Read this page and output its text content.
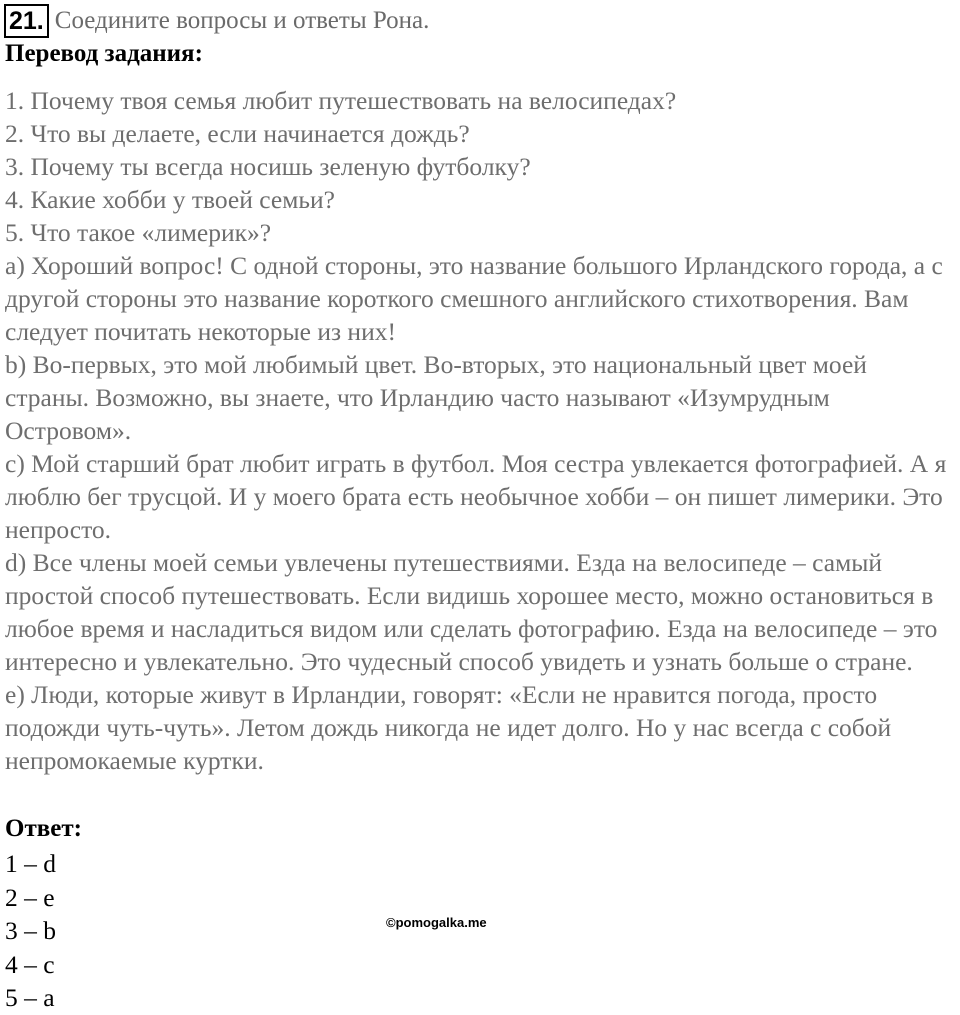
21. Соедините вопросы и ответы Рона.
Перевод задания:

1. Почему твоя семья любит путешествовать на велосипедах?

2. Что вы делаете, если начинается дождь?

3. Почему ты всегда носишь зеленую футболку?

4. Какие хобби у твоей семьи?

5. Что такое «лимерик»?

a) Хороший вопрос! С одной стороны, это название большого Ирландского города, а с другой стороны это название короткого смешного английского стихотворения. Вам следует почитать некоторые из них!

b) Во-первых, это мой любимый цвет. Во-вторых, это национальный цвет моей страны. Возможно, вы знаете, что Ирландию часто называют «Изумрудным Островом».

c) Мой старший брат любит играть в футбол. Моя сестра увлекается фотографией. А я люблю бег трусцой. И у моего брата есть необычное хобби – он пишет лимерики. Это непросто.

d) Все члены моей семьи увлечены путешествиями. Езда на велосипеде – самый простой способ путешествовать. Если видишь хорошее место, можно остановиться в любое время и насладиться видом или сделать фотографию. Езда на велосипеде – это интересно и увлекательно. Это чудесный способ увидеть и узнать больше о стране.

e) Люди, которые живут в Ирландии, говорят: «Если не нравится погода, просто подожди чуть-чуть». Летом дождь никогда не идет долго. Но у нас всегда с собой непромокаемые куртки.

Ответ:

1 – d

2 – e

3 – b

4 – c

5 – a

©pomogalka.me
